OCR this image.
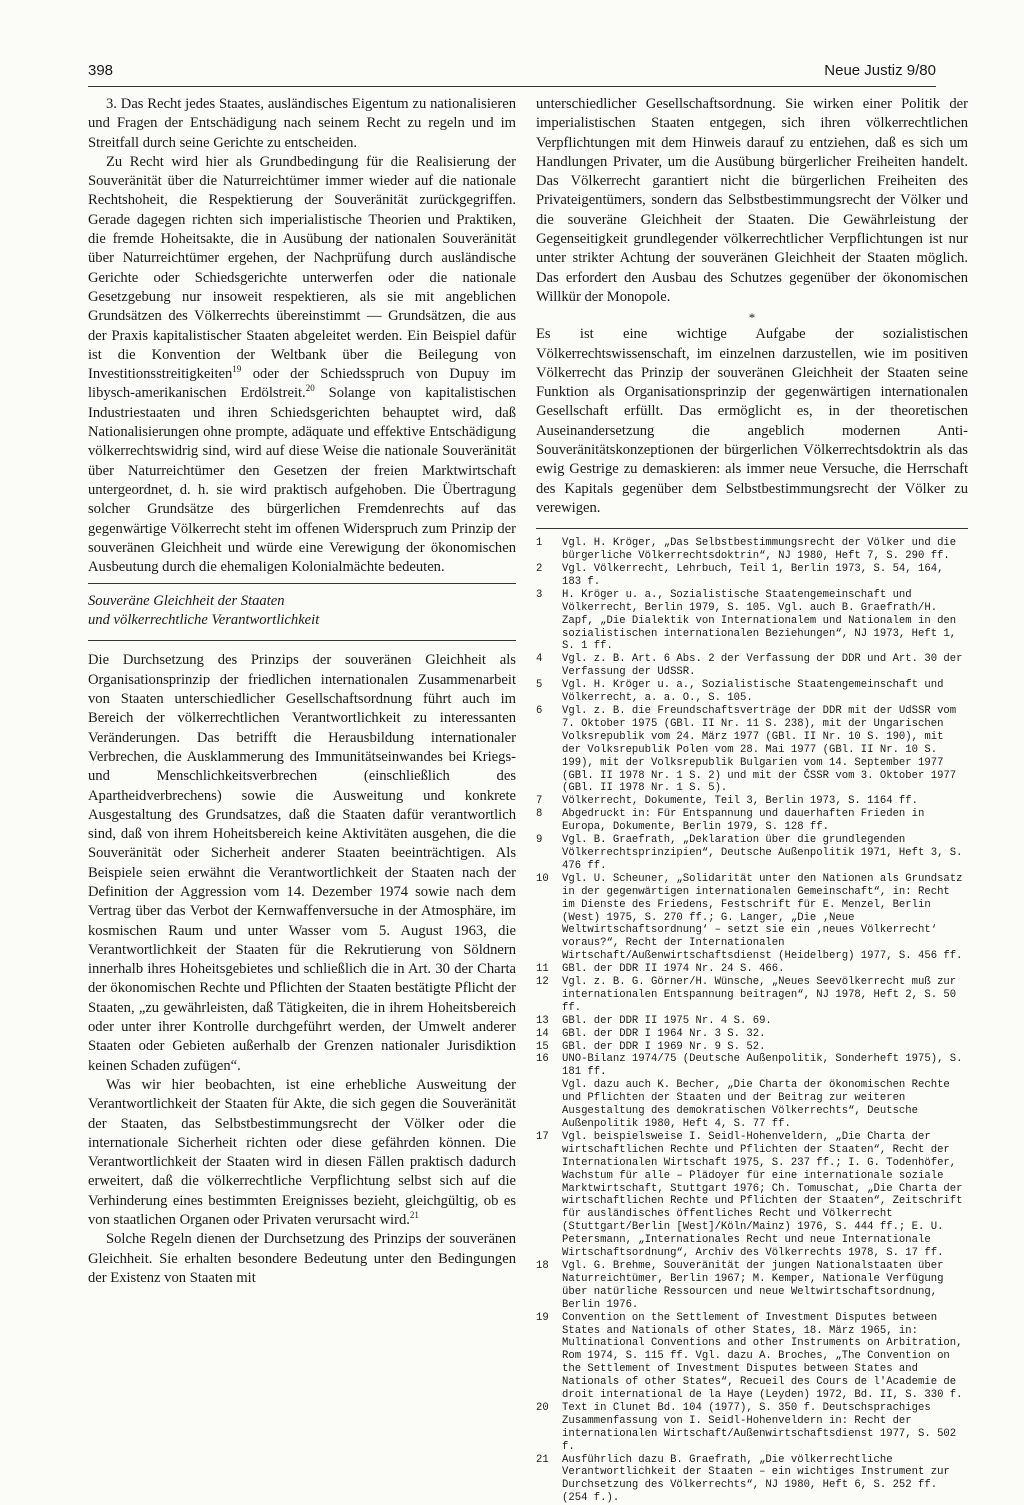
398	Neue Justiz 9/80

3. Das Recht jedes Staates, ausländisches Eigentum zu nationalisieren und Fragen der Entschädigung nach seinem Recht zu regeln und im Streitfall durch seine Gerichte zu entscheiden.

Zu Recht wird hier als Grundbedingung für die Realisierung der Souveränität über die Naturreichtümer immer wieder auf die nationale Rechtshoheit, die Respektierung der Souveränität zurückgegriffen. Gerade dagegen richten sich imperialistische Theorien und Praktiken, die fremde Hoheitsakte, die in Ausübung der nationalen Souveränität über Naturreichtümer ergehen, der Nachprüfung durch ausländische Gerichte oder Schiedsgerichte unterwerfen oder die nationale Gesetzgebung nur insoweit respektieren, als sie mit angeblichen Grundsätzen des Völkerrechts übereinstimmt — Grundsätzen, die aus der Praxis kapitalistischer Staaten abgeleitet werden. Ein Beispiel dafür ist die Konvention der Weltbank über die Beilegung von Investitionsstreitigkeiten$^{19}$ oder der Schiedsspruch von Dupuy im libysch-amerikanischen Erdölstreit.$^{20}$ Solange von kapitalistischen Industriestaaten und ihren Schiedsgerichten behauptet wird, daß Nationalisierungen ohne prompte, adäquate und effektive Entschädigung völkerrechtswidrig sind, wird auf diese Weise die nationale Souveränität über Naturreichtümer den Gesetzen der freien Marktwirtschaft untergeordnet, d. h. sie wird praktisch aufgehoben. Die Übertragung solcher Grundsätze des bürgerlichen Fremdenrechts auf das gegenwärtige Völkerrecht steht im offenen Widerspruch zum Prinzip der souveränen Gleichheit und würde eine Verewigung der ökonomischen Ausbeutung durch die ehemaligen Kolonialmächte bedeuten.

Souveräne Gleichheit der Staaten
und völkerrechtliche Verantwortlichkeit

Die Durchsetzung des Prinzips der souveränen Gleichheit als Organisationsprinzip der friedlichen internationalen Zusammenarbeit von Staaten unterschiedlicher Gesellschaftsordnung führt auch im Bereich der völkerrechtlichen Verantwortlichkeit zu interessanten Veränderungen. Das betrifft die Herausbildung internationaler Verbrechen, die Ausklammerung des Immunitätseinwandes bei Kriegs- und Menschlichkeitsverbrechen (einschließlich des Apartheidverbrechens) sowie die Ausweitung und konkrete Ausgestaltung des Grundsatzes, daß die Staaten dafür verantwortlich sind, daß von ihrem Hoheitsbereich keine Aktivitäten ausgehen, die die Souveränität oder Sicherheit anderer Staaten beeinträchtigen. Als Beispiele seien erwähnt die Verantwortlichkeit der Staaten nach der Definition der Aggression vom 14. Dezember 1974 sowie nach dem Vertrag über das Verbot der Kernwaffenversuche in der Atmosphäre, im kosmischen Raum und unter Wasser vom 5. August 1963, die Verantwortlichkeit der Staaten für die Rekrutierung von Söldnern innerhalb ihres Hoheitsgebietes und schließlich die in Art. 30 der Charta der ökonomischen Rechte und Pflichten der Staaten bestätigte Pflicht der Staaten, „zu gewährleisten, daß Tätigkeiten, die in ihrem Hoheitsbereich oder unter ihrer Kontrolle durchgeführt werden, der Umwelt anderer Staaten oder Gebieten außerhalb der Grenzen nationaler Jurisdiktion keinen Schaden zufügen“.

Was wir hier beobachten, ist eine erhebliche Ausweitung der Verantwortlichkeit der Staaten für Akte, die sich gegen die Souveränität der Staaten, das Selbstbestimmungsrecht der Völker oder die internationale Sicherheit richten oder diese gefährden können. Die Verantwortlichkeit der Staaten wird in diesen Fällen praktisch dadurch erweitert, daß die völkerrechtliche Verpflichtung selbst sich auf die Verhinderung eines bestimmten Ereignisses bezieht, gleichgültig, ob es von staatlichen Organen oder Privaten verursacht wird.$^{21}$

Solche Regeln dienen der Durchsetzung des Prinzips der souveränen Gleichheit. Sie erhalten besondere Bedeutung unter den Bedingungen der Existenz von Staaten mit

unterschiedlicher Gesellschaftsordnung. Sie wirken einer Politik der imperialistischen Staaten entgegen, sich ihren völkerrechtlichen Verpflichtungen mit dem Hinweis darauf zu entziehen, daß es sich um Handlungen Privater, um die Ausübung bürgerlicher Freiheiten handelt. Das Völkerrecht garantiert nicht die bürgerlichen Freiheiten des Privateigentümers, sondern das Selbstbestimmungsrecht der Völker und die souveräne Gleichheit der Staaten. Die Gewährleistung der Gegenseitigkeit grundlegender völkerrechtlicher Verpflichtungen ist nur unter strikter Achtung der souveränen Gleichheit der Staaten möglich. Das erfordert den Ausbau des Schutzes gegenüber der ökonomischen Willkür der Monopole.

*

Es ist eine wichtige Aufgabe der sozialistischen Völkerrechtswissenschaft, im einzelnen darzustellen, wie im positiven Völkerrecht das Prinzip der souveränen Gleichheit der Staaten seine Funktion als Organisationsprinzip der gegenwärtigen internationalen Gesellschaft erfüllt. Das ermöglicht es, in der theoretischen Auseinandersetzung die angeblich modernen Anti-Souveränitätskonzeptionen der bürgerlichen Völkerrechtsdoktrin als das ewig Gestrige zu demaskieren: als immer neue Versuche, die Herrschaft des Kapitals gegenüber dem Selbstbestimmungsrecht der Völker zu verewigen.

1	Vgl. H. Kröger, „Das Selbstbestimmungsrecht der Völker und die bürgerliche Völkerrechtsdoktrin“, NJ 1980, Heft 7, S. 290 ff.
2	Vgl. Völkerrecht, Lehrbuch, Teil 1, Berlin 1973, S. 54, 164, 183 f.
3	H. Kröger u. a., Sozialistische Staatengemeinschaft und Völkerrecht, Berlin 1979, S. 105. Vgl. auch B. Graefrath/H. Zapf, „Die Dialektik von Internationalem und Nationalem in den sozialistischen internationalen Beziehungen“, NJ 1973, Heft 1, S. 1 ff.
4	Vgl. z. B. Art. 6 Abs. 2 der Verfassung der DDR und Art. 30 der Verfassung der UdSSR.
5	Vgl. H. Kröger u. a., Sozialistische Staatengemeinschaft und Völkerrecht, a. a. O., S. 105.
6	Vgl. z. B. die Freundschaftsverträge der DDR mit der UdSSR vom 7. Oktober 1975 (GBl. II Nr. 11 S. 238), mit der Ungarischen Volksrepublik vom 24. März 1977 (GBl. II Nr. 10 S. 190), mit der Volksrepublik Polen vom 28. Mai 1977 (GBl. II Nr. 10 S. 199), mit der Volksrepublik Bulgarien vom 14. September 1977 (GBl. II 1978 Nr. 1 S. 2) und mit der ČSSR vom 3. Oktober 1977 (GBl. II 1978 Nr. 1 S. 5).
7	Völkerrecht, Dokumente, Teil 3, Berlin 1973, S. 1164 ff.
8	Abgedruckt in: Für Entspannung und dauerhaften Frieden in Europa, Dokumente, Berlin 1979, S. 128 ff.
9	Vgl. B. Graefrath, „Deklaration über die grundlegenden Völkerrechtsprinzipien“, Deutsche Außenpolitik 1971, Heft 3, S. 476 ff.
10	Vgl. U. Scheuner, „Solidarität unter den Nationen als Grundsatz in der gegenwärtigen internationalen Gemeinschaft“, in: Recht im Dienste des Friedens, Festschrift für E. Menzel, Berlin (West) 1975, S. 270 ff.; G. Langer, „Die ‚Neue Weltwirtschaftsordnung‘ – setzt sie ein ‚neues Völkerrecht‘ voraus?“, Recht der Internationalen Wirtschaft/Außenwirtschaftsdienst (Heidelberg) 1977, S. 456 ff.
11	GBl. der DDR II 1974 Nr. 24 S. 466.
12	Vgl. z. B. G. Görner/H. Wünsche, „Neues Seevölkerrecht muß zur internationalen Entspannung beitragen“, NJ 1978, Heft 2, S. 50 ff.
13	GBl. der DDR II 1975 Nr. 4 S. 69.
14	GBl. der DDR I 1964 Nr. 3 S. 32.
15	GBl. der DDR I 1969 Nr. 9 S. 52.
16	UNO-Bilanz 1974/75 (Deutsche Außenpolitik, Sonderheft 1975), S. 181 ff.
Vgl. dazu auch K. Becher, „Die Charta der ökonomischen Rechte und Pflichten der Staaten und der Beitrag zur weiteren Ausgestaltung des demokratischen Völkerrechts“, Deutsche Außenpolitik 1980, Heft 4, S. 77 ff.
17	Vgl. beispielsweise I. Seidl-Hohenveldern, „Die Charta der wirtschaftlichen Rechte und Pflichten der Staaten“, Recht der Internationalen Wirtschaft 1975, S. 237 ff.; I. G. Todenhöfer, Wachstum für alle – Plädoyer für eine internationale soziale Marktwirtschaft, Stuttgart 1976; Ch. Tomuschat, „Die Charta der wirtschaftlichen Rechte und Pflichten der Staaten“, Zeitschrift für ausländisches öffentliches Recht und Völkerrecht (Stuttgart/Berlin [West]/Köln/Mainz) 1976, S. 444 ff.; E. U. Petersmann, „Internationales Recht und neue Internationale Wirtschaftsordnung“, Archiv des Völkerrechts 1978, S. 17 ff.
18	Vgl. G. Brehme, Souveränität der jungen Nationalstaaten über Naturreichtümer, Berlin 1967; M. Kemper, Nationale Verfügung über natürliche Ressourcen und neue Weltwirtschaftsordnung, Berlin 1976.
19	Convention on the Settlement of Investment Disputes between States and Nationals of other States, 18. März 1965, in: Multinational Conventions and other Instruments on Arbitration, Rom 1974, S. 115 ff. Vgl. dazu A. Broches, „The Convention on the Settlement of Investment Disputes between States and Nationals of other States“, Recueil des Cours de l'Academie de droit international de la Haye (Leyden) 1972, Bd. II, S. 330 f.
20	Text in Clunet Bd. 104 (1977), S. 350 f. Deutschsprachiges Zusammenfassung von I. Seidl-Hohenveldern in: Recht der internationalen Wirtschaft/Außenwirtschaftsdienst 1977, S. 502 f.
21	Ausführlich dazu B. Graefrath, „Die völkerrechtliche Verantwortlichkeit der Staaten – ein wichtiges Instrument zur Durchsetzung des Völkerrechts“, NJ 1980, Heft 6, S. 252 ff. (254 f.).
